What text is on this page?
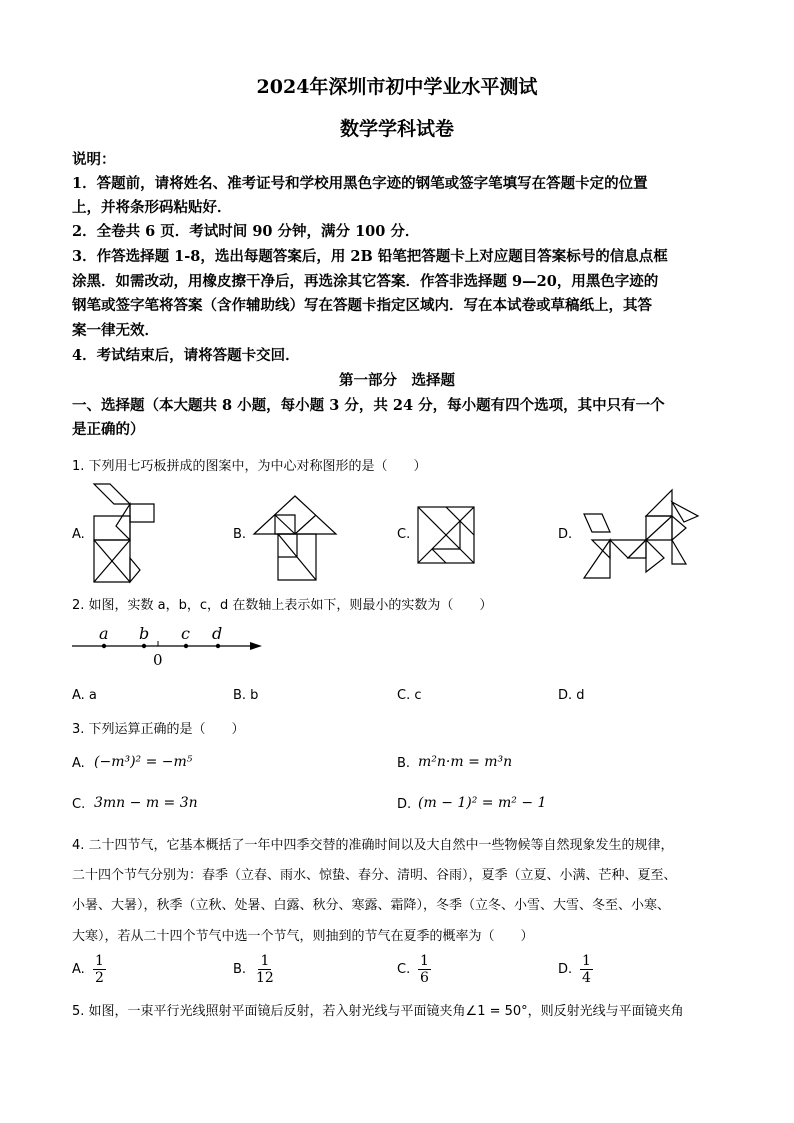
2024年深圳市初中学业水平测试
数学学科试卷
说明：
1．答题前，请将姓名、准考证号和学校用黑色字迹的钢笔或签字笔填写在答题卡定的位置
上，并将条形码粘贴好．
2．全卷共 6 页．考试时间 90 分钟，满分 100 分．
3．作答选择题 1-8，选出每题答案后，用 2B 铅笔把答题卡上对应题目答案标号的信息点框
涂黑．如需改动，用橡皮擦干净后，再选涂其它答案．作答非选择题 9—20，用黑色字迹的
钢笔或签字笔将答案（含作辅助线）写在答题卡指定区域内．写在本试卷或草稿纸上，其答
案一律无效．
4．考试结束后，请将答题卡交回．
第一部分　选择题
一、选择题（本大题共 8 小题，每小题 3 分，共 24 分，每小题有四个选项，其中只有一个
是正确的）
1. 下列用七巧板拼成的图案中，为中心对称图形的是（　　）
A.	B.	C.	D.
2. 如图，实数 a，b，c，d 在数轴上表示如下，则最小的实数为（　　）
a b c d
0
A. a	B. b	C. c	D. d
3. 下列运算正确的是（　　）
A. (−m³)² = −m⁵	B. m²n·m = m³n
C. 3mn − m = 3n	D. (m − 1)² = m² − 1
4. 二十四节气，它基本概括了一年中四季交替的准确时间以及大自然中一些物候等自然现象发生的规律，
二十四个节气分别为：春季（立春、雨水、惊蛰、春分、清明、谷雨），夏季（立夏、小满、芒种、夏至、
小暑、大暑），秋季（立秋、处暑、白露、秋分、寒露、霜降），冬季（立冬、小雪、大雪、冬至、小寒、
大寒），若从二十四个节气中选一个节气，则抽到的节气在夏季的概率为（　　）
A. $\frac{1}{2}$	B. $\frac{1}{12}$	C. $\frac{1}{6}$	D. $\frac{1}{4}$
5. 如图，一束平行光线照射平面镜后反射，若入射光线与平面镜夹角∠1 = 50°，则反射光线与平面镜夹角
